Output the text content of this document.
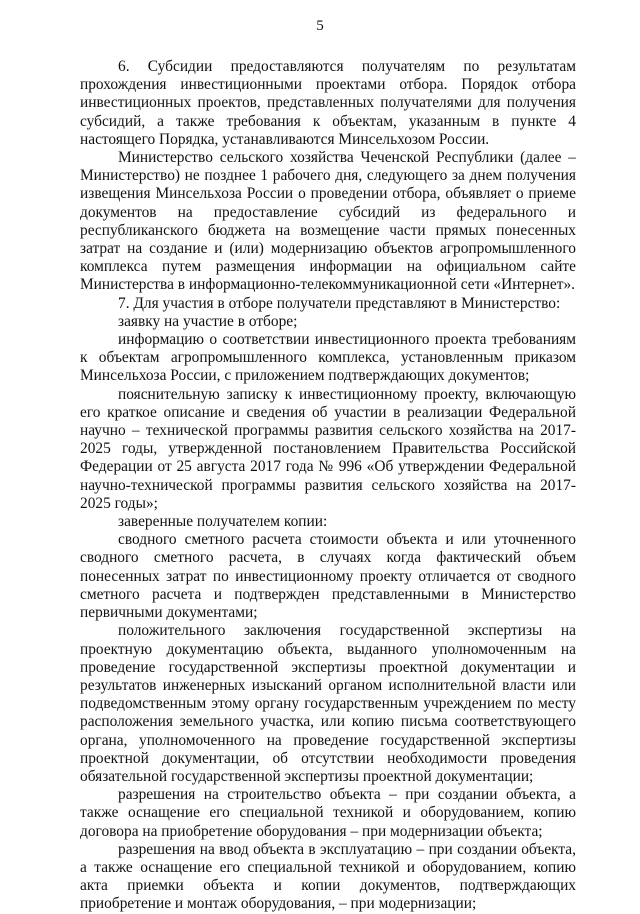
5

6. Субсидии предоставляются получателям по результатам прохождения инвестиционными проектами отбора. Порядок отбора инвестиционных проектов, представленных получателями для получения субсидий, а также требования к объектам, указанным в пункте 4 настоящего Порядка, устанавливаются Минсельхозом России.

Министерство сельского хозяйства Чеченской Республики (далее – Министерство) не позднее 1 рабочего дня, следующего за днем получения извещения Минсельхоза России о проведении отбора, объявляет о приеме документов на предоставление субсидий из федерального и республиканского бюджета на возмещение части прямых понесенных затрат на создание и (или) модернизацию объектов агропромышленного комплекса путем размещения информации на официальном сайте Министерства в информационно-телекоммуникационной сети «Интернет».

7. Для участия в отборе получатели представляют в Министерство:

заявку на участие в отборе;

информацию о соответствии инвестиционного проекта требованиям к объектам агропромышленного комплекса, установленным приказом Минсельхоза России, с приложением подтверждающих документов;

пояснительную записку к инвестиционному проекту, включающую его краткое описание и сведения об участии в реализации Федеральной научно – технической программы развития сельского хозяйства на 2017-2025 годы, утвержденной постановлением Правительства Российской Федерации от 25 августа 2017 года № 996 «Об утверждении Федеральной научно-технической программы развития сельского хозяйства на 2017-2025 годы»;

заверенные получателем копии:

сводного сметного расчета стоимости объекта и или уточненного сводного сметного расчета, в случаях когда фактический объем понесенных затрат по инвестиционному проекту отличается от сводного сметного расчета и подтвержден представленными в Министерство первичными документами;

положительного заключения государственной экспертизы на проектную документацию объекта, выданного уполномоченным на проведение государственной экспертизы проектной документации и результатов инженерных изысканий органом исполнительной власти или подведомственным этому органу государственным учреждением по месту расположения земельного участка, или копию письма соответствующего органа, уполномоченного на проведение государственной экспертизы проектной документации, об отсутствии необходимости проведения обязательной государственной экспертизы проектной документации;

разрешения на строительство объекта – при создании объекта, а также оснащение его специальной техникой и оборудованием, копию договора на приобретение оборудования – при модернизации объекта;

разрешения на ввод объекта в эксплуатацию – при создании объекта, а также оснащение его специальной техникой и оборудованием, копию акта приемки объекта и копии документов, подтверждающих приобретение и монтаж оборудования, – при модернизации;
